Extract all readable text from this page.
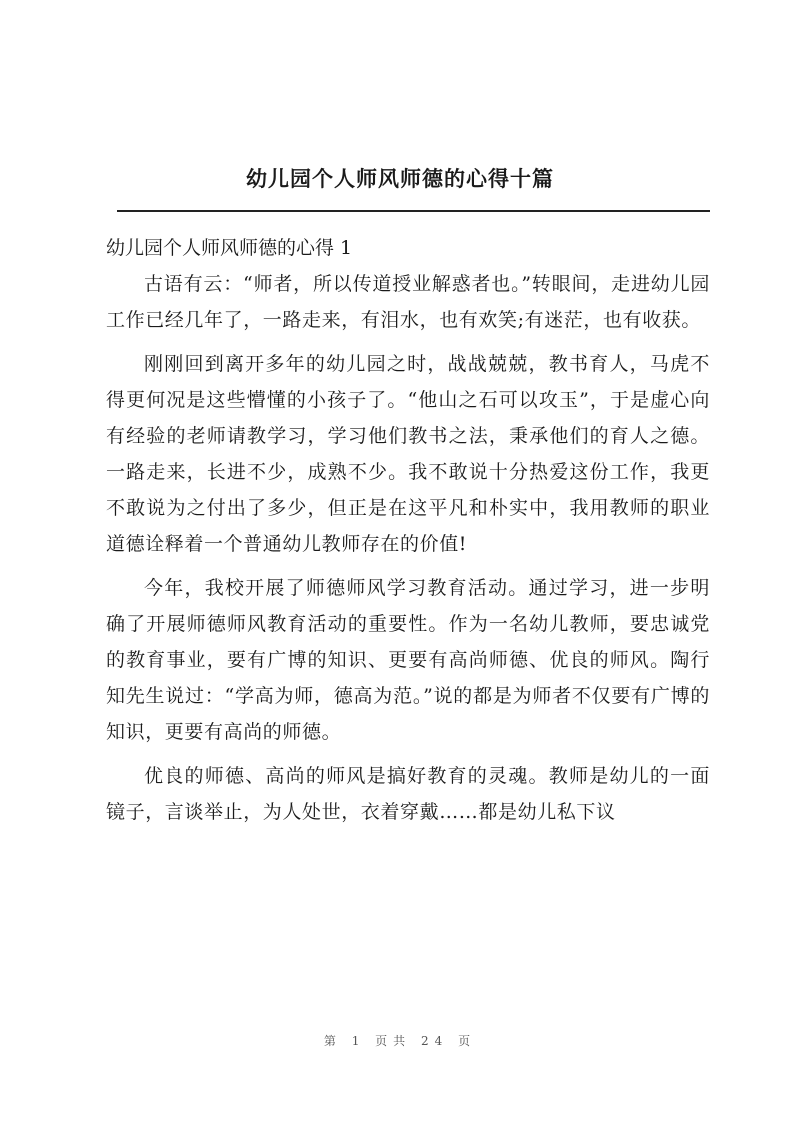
幼儿园个人师风师德的心得十篇
幼儿园个人师风师德的心得 1

古语有云：“师者，所以传道授业解惑者也。”转眼间，走进幼儿园工作已经几年了，一路走来，有泪水，也有欢笑;有迷茫，也有收获。

刚刚回到离开多年的幼儿园之时，战战兢兢，教书育人，马虎不得更何况是这些懵懂的小孩子了。“他山之石可以攻玉”，于是虚心向有经验的老师请教学习，学习他们教书之法，秉承他们的育人之德。一路走来，长进不少，成熟不少。我不敢说十分热爱这份工作，我更不敢说为之付出了多少，但正是在这平凡和朴实中，我用教师的职业道德诠释着一个普通幼儿教师存在的价值!

今年，我校开展了师德师风学习教育活动。通过学习，进一步明确了开展师德师风教育活动的重要性。作为一名幼儿教师，要忠诚党的教育事业，要有广博的知识、更要有高尚师德、优良的师风。陶行知先生说过：“学高为师，德高为范。”说的都是为师者不仅要有广博的知识，更要有高尚的师德。

优良的师德、高尚的师风是搞好教育的灵魂。教师是幼儿的一面镜子，言谈举止，为人处世，衣着穿戴……都是幼儿私下议

第 1 页共 24 页
